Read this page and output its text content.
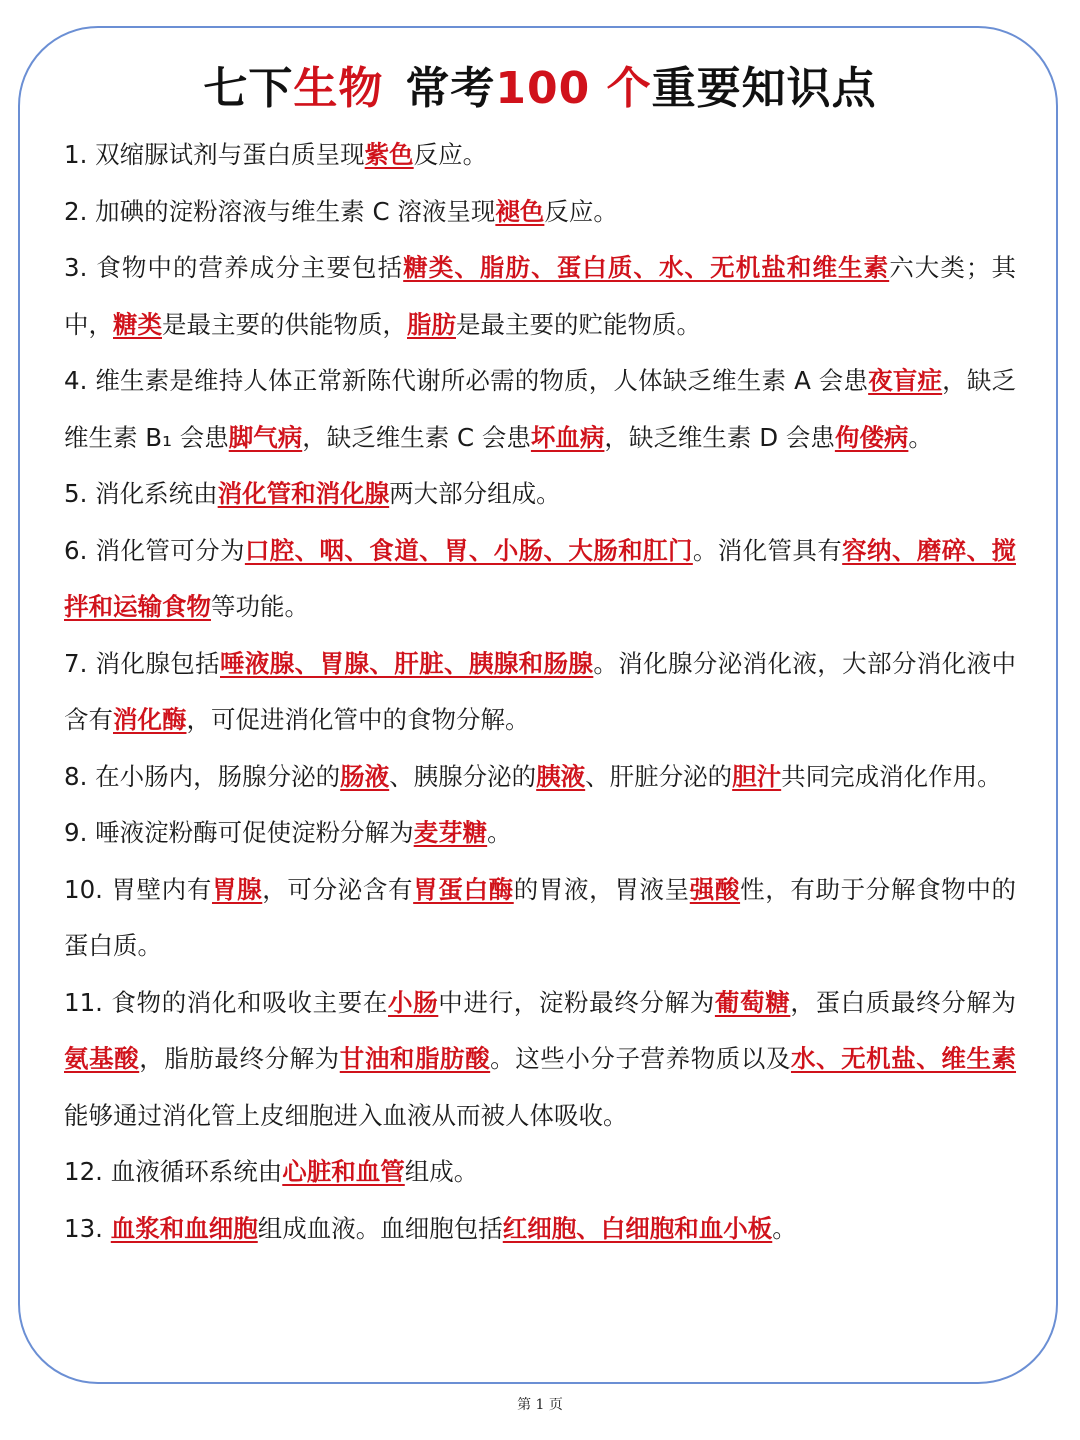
七下生物 常考100 个重要知识点

1. 双缩脲试剂与蛋白质呈现紫色反应。

2. 加碘的淀粉溶液与维生素 C 溶液呈现褪色反应。

3. 食物中的营养成分主要包括糖类、脂肪、蛋白质、水、无机盐和维生素六大类；其中，糖类是最主要的供能物质，脂肪是最主要的贮能物质。

4. 维生素是维持人体正常新陈代谢所必需的物质，人体缺乏维生素 A 会患夜盲症，缺乏维生素 B₁ 会患脚气病，缺乏维生素 C 会患坏血病，缺乏维生素 D 会患佝偻病。

5. 消化系统由消化管和消化腺两大部分组成。

6. 消化管可分为口腔、咽、食道、胃、小肠、大肠和肛门。消化管具有容纳、磨碎、搅拌和运输食物等功能。

7. 消化腺包括唾液腺、胃腺、肝脏、胰腺和肠腺。消化腺分泌消化液，大部分消化液中含有消化酶，可促进消化管中的食物分解。

8. 在小肠内，肠腺分泌的肠液、胰腺分泌的胰液、肝脏分泌的胆汁共同完成消化作用。

9. 唾液淀粉酶可促使淀粉分解为麦芽糖。

10. 胃壁内有胃腺，可分泌含有胃蛋白酶的胃液，胃液呈强酸性，有助于分解食物中的蛋白质。

11. 食物的消化和吸收主要在小肠中进行，淀粉最终分解为葡萄糖，蛋白质最终分解为氨基酸，脂肪最终分解为甘油和脂肪酸。这些小分子营养物质以及水、无机盐、维生素能够通过消化管上皮细胞进入血液从而被人体吸收。

12. 血液循环系统由心脏和血管组成。

13. 血浆和血细胞组成血液。血细胞包括红细胞、白细胞和血小板。

第 1 页
